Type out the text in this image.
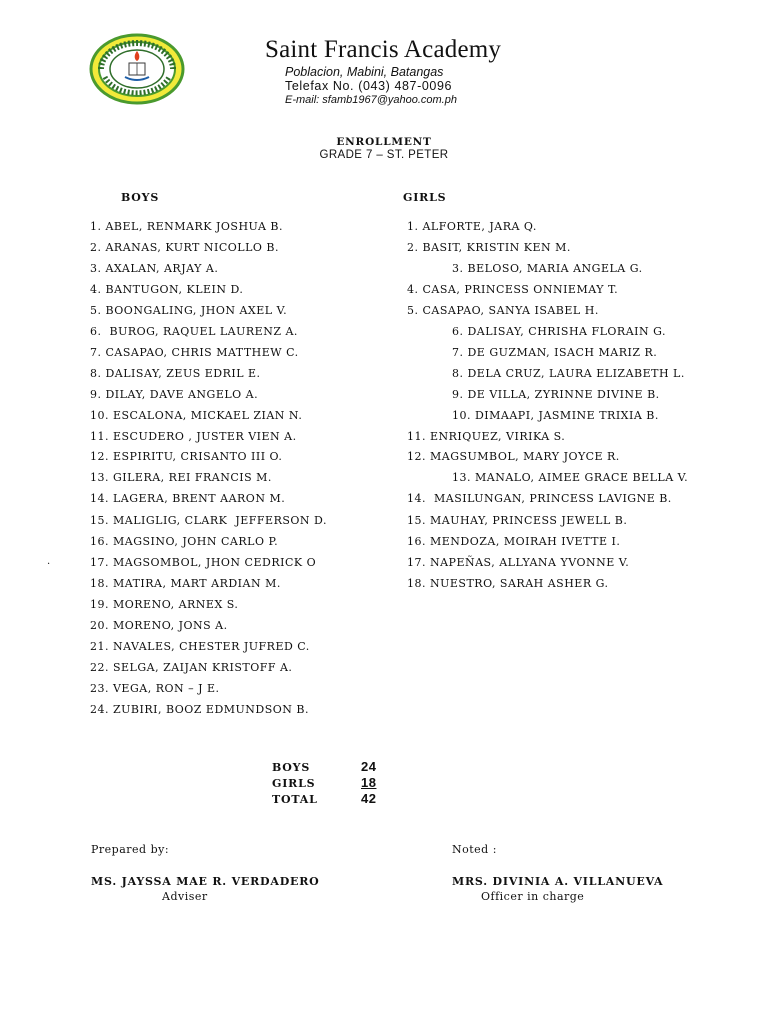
Saint Francis Academy
Poblacion, Mabini, Batangas
Telefax No. (043) 487-0096
E-mail: sfamb1967@yahoo.com.ph
ENROLLMENT
GRADE 7 – ST. PETER
BOYS	GIRLS
1. ABEL, RENMARK JOSHUA B.
2. ARANAS, KURT NICOLLO B.
3. AXALAN, ARJAY A.
4. BANTUGON, KLEIN D.
5. BOONGALING, JHON AXEL V.
6.  BUROG, RAQUEL LAURENZ A.
7. CASAPAO, CHRIS MATTHEW C.
8. DALISAY, ZEUS EDRIL E.
9. DILAY, DAVE ANGELO A.
10. ESCALONA, MICKAEL ZIAN N.
11. ESCUDERO , JUSTER VIEN A.
12. ESPIRITU, CRISANTO III O.
13. GILERA, REI FRANCIS M.
14. LAGERA, BRENT AARON M.
15. MALIGLIG, CLARK  JEFFERSON D.
16. MAGSINO, JOHN CARLO P.
17. MAGSOMBOL, JHON CEDRICK O
18. MATIRA, MART ARDIAN M.
19. MORENO, ARNEX S.
20. MORENO, JONS A.
21. NAVALES, CHESTER JUFRED C.
22. SELGA, ZAIJAN KRISTOFF A.
23. VEGA, RON – J E.
24. ZUBIRI, BOOZ EDMUNDSON B.
1. ALFORTE, JARA Q.
2. BASIT, KRISTIN KEN M.
3. BELOSO, MARIA ANGELA G.
4. CASA, PRINCESS ONNIEMAY T.
5. CASAPAO, SANYA ISABEL H.
6. DALISAY, CHRISHA FLORAIN G.
7. DE GUZMAN, ISACH MARIZ R.
8. DELA CRUZ, LAURA ELIZABETH L.
9. DE VILLA, ZYRINNE DIVINE B.
10. DIMAAPI, JASMINE TRIXIA B.
11. ENRIQUEZ, VIRIKA S.
12. MAGSUMBOL, MARY JOYCE R.
13. MANALO, AIMEE GRACE BELLA V.
14.  MASILUNGAN, PRINCESS LAVIGNE B.
15. MAUHAY, PRINCESS JEWELL B.
16. MENDOZA, MOIRAH IVETTE I.
17. NAPEÑAS, ALLYANA YVONNE V.
18. NUESTRO, SARAH ASHER G.
.
BOYS	24
GIRLS	18
TOTAL	42
Prepared by:	Noted :
MS. JAYSSA MAE R. VERDADERO
Adviser
MRS. DIVINIA A. VILLANUEVA
Officer in charge
